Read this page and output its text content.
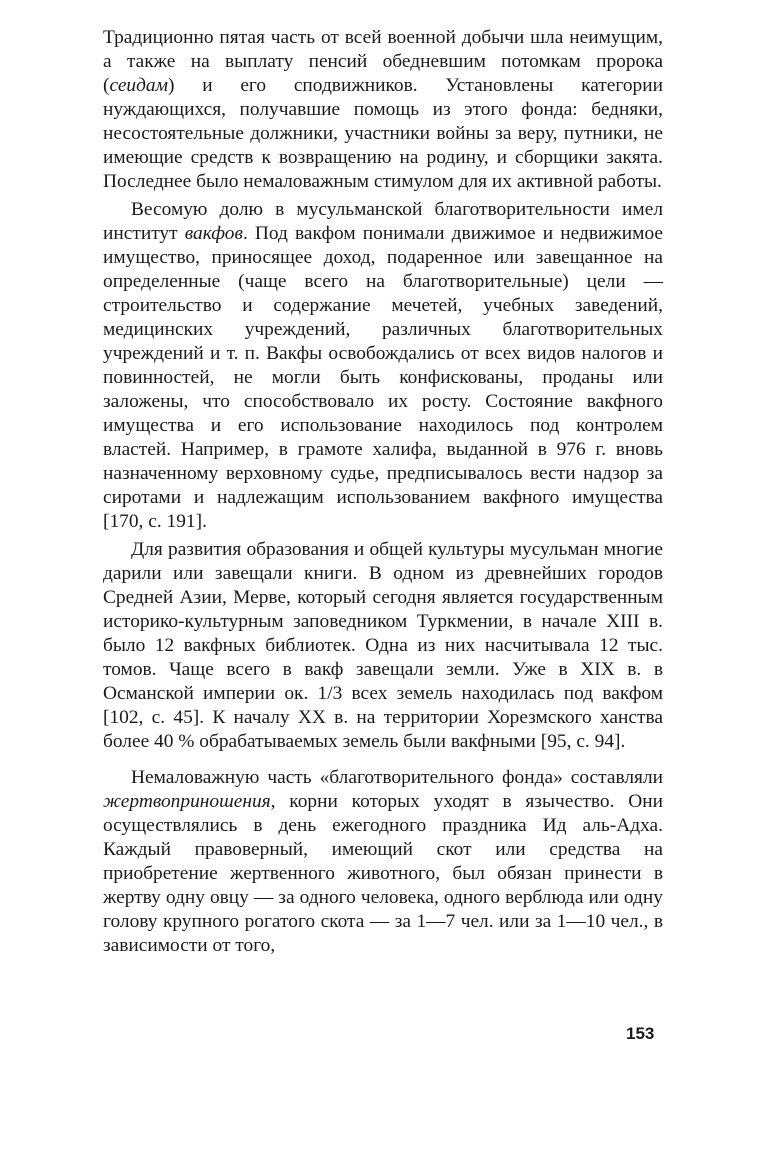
Традиционно пятая часть от всей военной добычи шла неимущим, а также на выплату пенсий обедневшим потомкам пророка (сеидам) и его сподвижников. Установлены категории нуждающихся, получавшие помощь из этого фонда: бедняки, несостоятельные должники, участники войны за веру, путники, не имеющие средств к возвращению на родину, и сборщики закята. Последнее было немаловажным стимулом для их активной работы.

Весомую долю в мусульманской благотворительности имел институт вакфов. Под вакфом понимали движимое и недвижимое имущество, приносящее доход, подаренное или завещанное на определенные (чаще всего на благотворительные) цели — строительство и содержание мечетей, учебных заведений, медицинских учреждений, различных благотворительных учреждений и т. п. Вакфы освобождались от всех видов налогов и повинностей, не могли быть конфискованы, проданы или заложены, что способствовало их росту. Состояние вакфного имущества и его использование находилось под контролем властей. Например, в грамоте халифа, выданной в 976 г. вновь назначенному верховному судье, предписывалось вести надзор за сиротами и надлежащим использованием вакфного имущества [170, с. 191].

Для развития образования и общей культуры мусульман многие дарили или завещали книги. В одном из древнейших городов Средней Азии, Мерве, который сегодня является государственным историко-культурным заповедником Туркмении, в начале XIII в. было 12 вакфных библиотек. Одна из них насчитывала 12 тыс. томов. Чаще всего в вакф завещали земли. Уже в XIX в. в Османской империи ок. 1/3 всех земель находилась под вакфом [102, с. 45]. К началу XX в. на территории Хорезмского ханства более 40 % обрабатываемых земель были вакфными [95, с. 94].

Немаловажную часть «благотворительного фонда» составляли жертвоприношения, корни которых уходят в язычество. Они осуществлялись в день ежегодного праздника Ид аль-Адха. Каждый правоверный, имеющий скот или средства на приобретение жертвенного животного, был обязан принести в жертву одну овцу — за одного человека, одного верблюда или одну голову крупного рогатого скота — за 1—7 чел. или за 1—10 чел., в зависимости от того,

153
